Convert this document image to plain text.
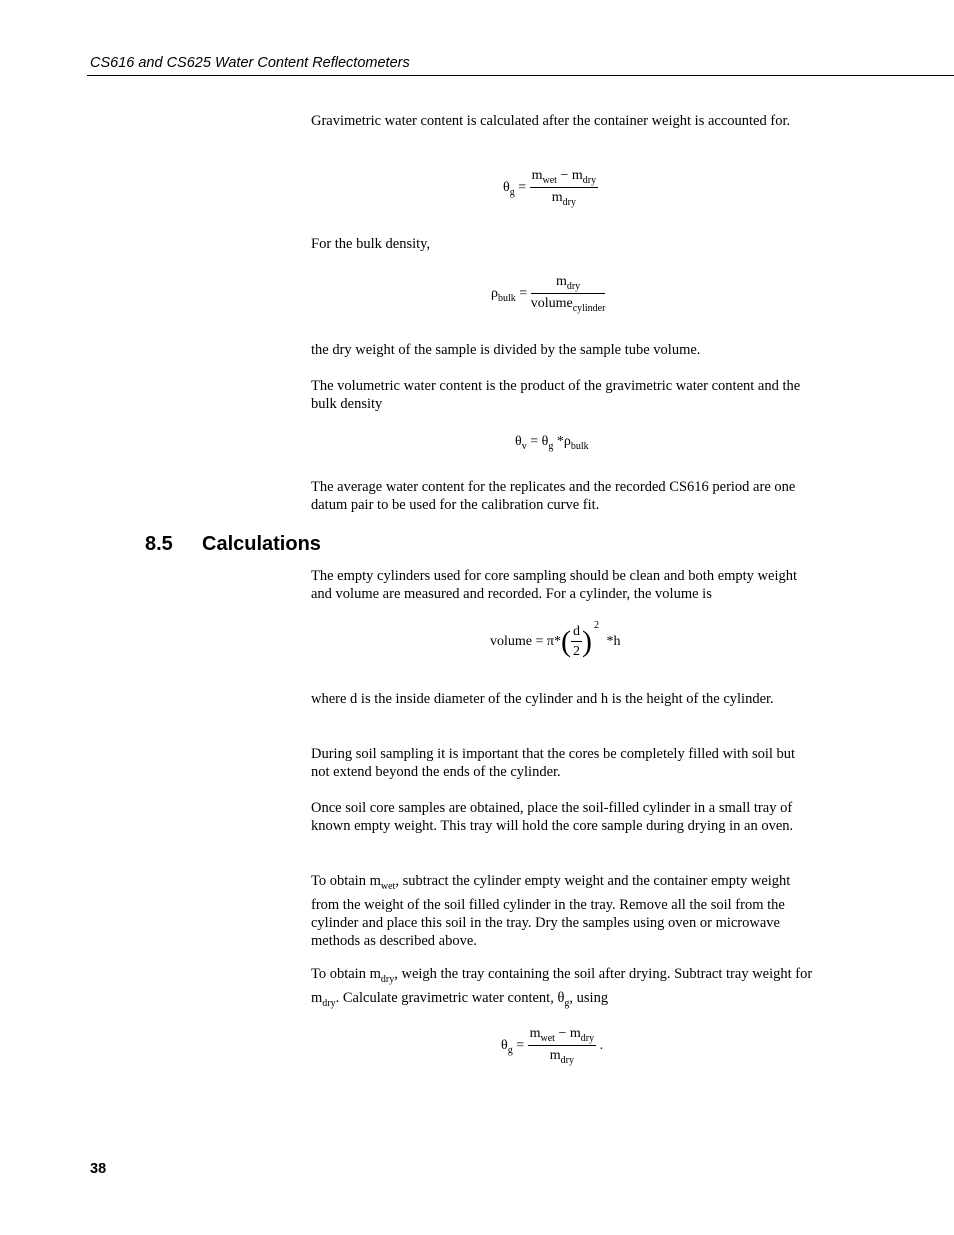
CS616 and CS625 Water Content Reflectometers

Gravimetric water content is calculated after the container weight is accounted for.

$\theta_g = \frac{m_{wet} - m_{dry}}{m_{dry}}$

For the bulk density,

$\rho_{bulk} = \frac{m_{dry}}{volume_{cylinder}}$

the dry weight of the sample is divided by the sample tube volume.

The volumetric water content is the product of the gravimetric water content and the bulk density

$\theta_v = \theta_g$ $*\rho_{bulk}$

The average water content for the replicates and the recorded CS616 period are one datum pair to be used for the calibration curve fit.

8.5 Calculations

The empty cylinders used for core sampling should be clean and both empty weight and volume are measured and recorded. For a cylinder, the volume is

volume = $\pi*( \frac{d}{2}$ ) $^2$ *h

where d is the inside diameter of the cylinder and h is the height of the cylinder.

During soil sampling it is important that the cores be completely filled with soil but not extend beyond the ends of the cylinder.

Once soil core samples are obtained, place the soil-filled cylinder in a small tray of known empty weight. This tray will hold the core sample during drying in an oven.

To obtain $m_{wet}$, subtract the cylinder empty weight and the container empty weight from the weight of the soil filled cylinder in the tray. Remove all the soil from the cylinder and place this soil in the tray. Dry the samples using oven or microwave methods as described above.

To obtain $m_{dry}$, weigh the tray containing the soil after drying. Subtract tray weight for $m_{dry}$. Calculate gravimetric water content, $\theta_g$, using

$\theta_g = \frac{m_{wet} - m_{dry}}{m_{dry}}$ .
38
